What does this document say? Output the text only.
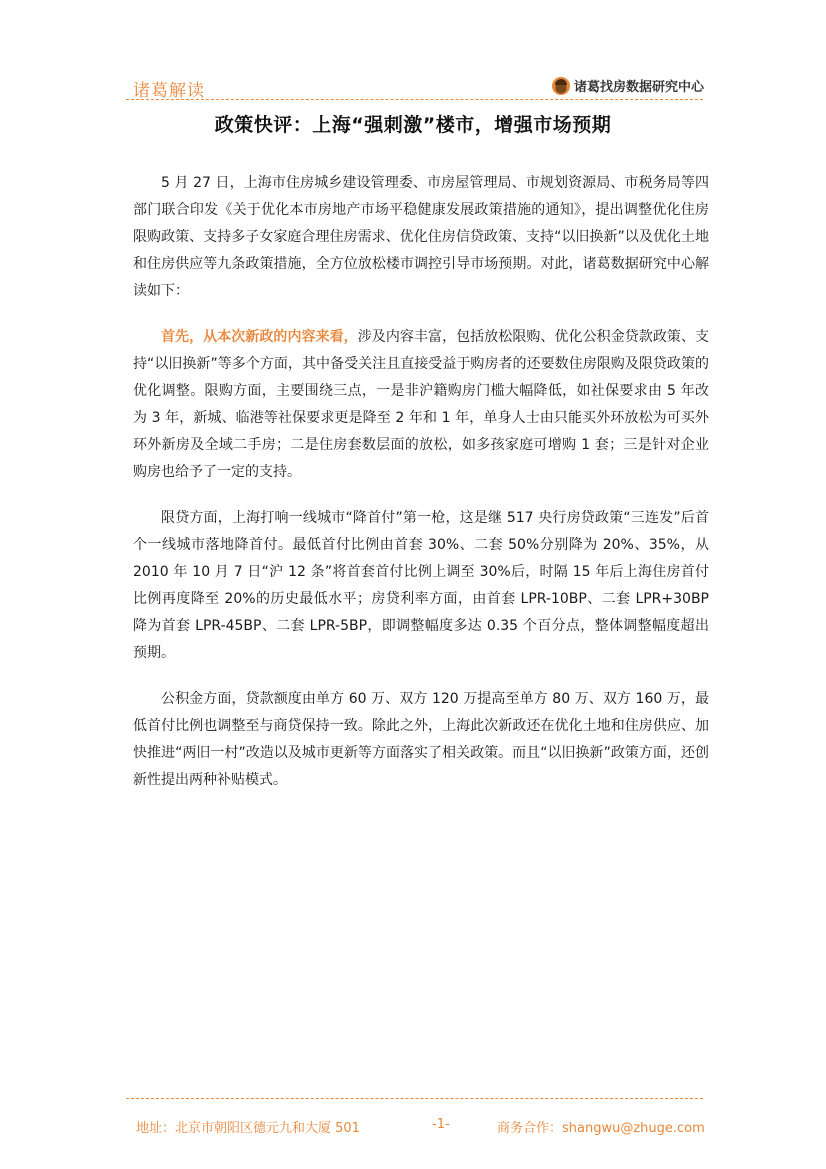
诸葛解读	诸葛找房数据研究中心
政策快评：上海“强刺激”楼市，增强市场预期

5 月 27 日，上海市住房城乡建设管理委、市房屋管理局、市规划资源局、市税务局等四部门联合印发《关于优化本市房地产市场平稳健康发展政策措施的通知》，提出调整优化住房限购政策、支持多子女家庭合理住房需求、优化住房信贷政策、支持“以旧换新”以及优化土地和住房供应等九条政策措施，全方位放松楼市调控引导市场预期。对此，诸葛数据研究中心解读如下：

首先，从本次新政的内容来看，涉及内容丰富，包括放松限购、优化公积金贷款政策、支持“以旧换新”等多个方面，其中备受关注且直接受益于购房者的还要数住房限购及限贷政策的优化调整。限购方面，主要围绕三点，一是非沪籍购房门槛大幅降低，如社保要求由 5 年改为 3 年，新城、临港等社保要求更是降至 2 年和 1 年，单身人士由只能买外环放松为可买外环外新房及全域二手房；二是住房套数层面的放松，如多孩家庭可增购 1 套；三是针对企业购房也给予了一定的支持。

限贷方面，上海打响一线城市“降首付”第一枪，这是继 517 央行房贷政策“三连发”后首个一线城市落地降首付。最低首付比例由首套 30%、二套 50%分别降为 20%、35%，从 2010 年 10 月 7 日“沪 12 条”将首套首付比例上调至 30%后，时隔 15 年后上海住房首付比例再度降至 20%的历史最低水平；房贷利率方面，由首套 LPR-10BP、二套 LPR+30BP 降为首套 LPR-45BP、二套 LPR-5BP，即调整幅度多达 0.35 个百分点，整体调整幅度超出预期。

公积金方面，贷款额度由单方 60 万、双方 120 万提高至单方 80 万、双方 160 万，最低首付比例也调整至与商贷保持一致。除此之外，上海此次新政还在优化土地和住房供应、加快推进“两旧一村”改造以及城市更新等方面落实了相关政策。而且“以旧换新”政策方面，还创新性提出两种补贴模式。

地址：北京市朝阳区德元九和大厦 501	-1-	商务合作：shangwu@zhuge.com
